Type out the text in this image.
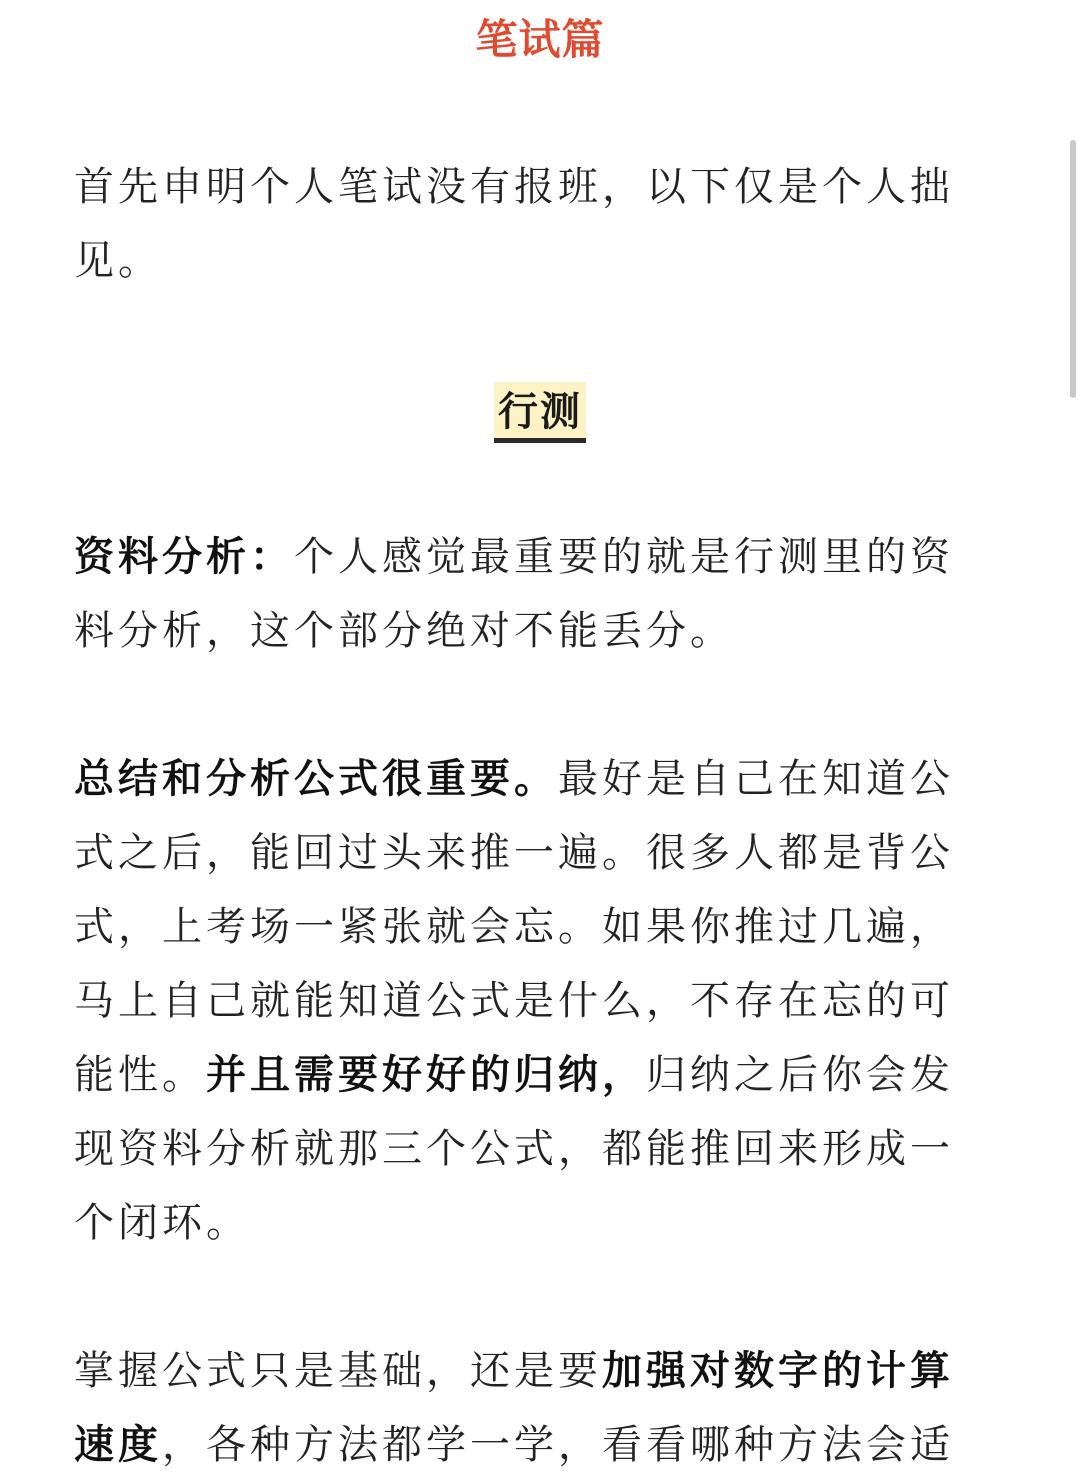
笔试篇
首先申明个人笔试没有报班，以下仅是个人拙见。
行测
资料分析：个人感觉最重要的就是行测里的资料分析，这个部分绝对不能丢分。
总结和分析公式很重要。最好是自己在知道公式之后，能回过头来推一遍。很多人都是背公式，上考场一紧张就会忘。如果你推过几遍，马上自己就能知道公式是什么，不存在忘的可能性。并且需要好好的归纳，归纳之后你会发现资料分析就那三个公式，都能推回来形成一个闭环。
掌握公式只是基础，还是要加强对数字的计算速度，各种方法都学一学，看看哪种方法会适
